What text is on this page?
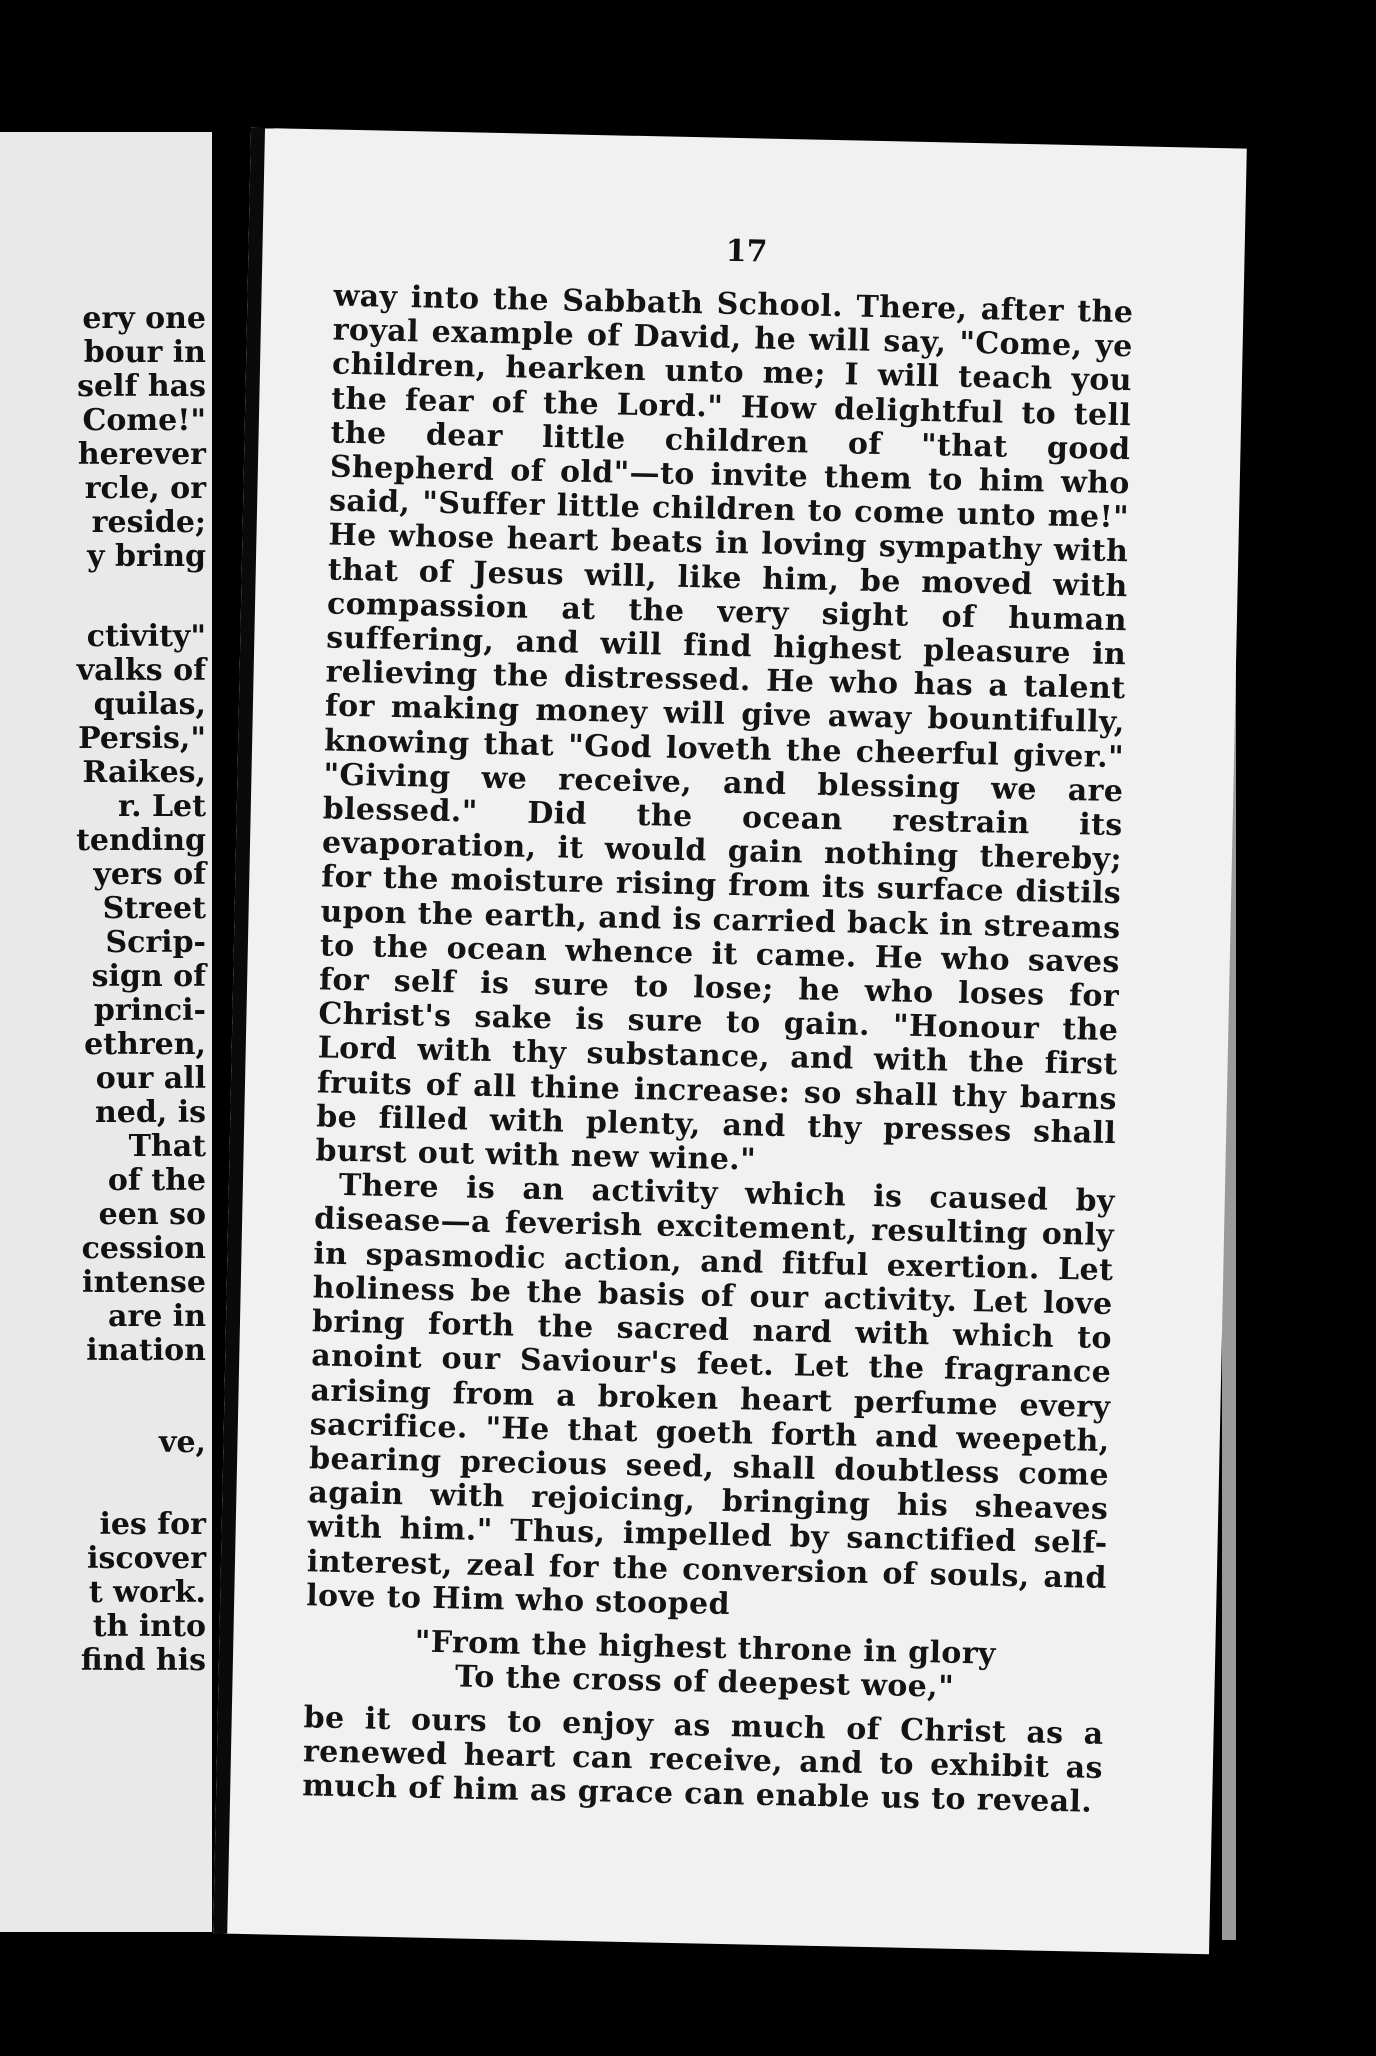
ery one
bour in
self has
Come!"
herever
rcle, or
reside;
y bring
ctivity"
valks of
quilas,
Persis,"
Raikes,
r. Let
tending
yers of
Street
Scrip-
sign of
princi-
ethren,
our all
ned, is
That
of the
een so
cession
intense
are in
ination
ve,
ies for
iscover
t work.
th into
find his
17

way into the Sabbath School. There, after the royal example of David, he will say, "Come, ye children, hearken unto me; I will teach you the fear of the Lord." How delightful to tell the dear little children of "that good Shepherd of old"—to invite them to him who said, "Suffer little children to come unto me!" He whose heart beats in loving sympathy with that of Jesus will, like him, be moved with compassion at the very sight of human suffering, and will find highest pleasure in relieving the distressed. He who has a talent for making money will give away bountifully, knowing that "God loveth the cheerful giver." "Giving we receive, and blessing we are blessed." Did the ocean restrain its evaporation, it would gain nothing thereby; for the moisture rising from its surface distils upon the earth, and is carried back in streams to the ocean whence it came. He who saves for self is sure to lose; he who loses for Christ's sake is sure to gain. "Honour the Lord with thy substance, and with the first fruits of all thine increase: so shall thy barns be filled with plenty, and thy presses shall burst out with new wine."

There is an activity which is caused by disease—a feverish excitement, resulting only in spasmodic action, and fitful exertion. Let holiness be the basis of our activity. Let love bring forth the sacred nard with which to anoint our Saviour's feet. Let the fragrance arising from a broken heart perfume every sacrifice. "He that goeth forth and weepeth, bearing precious seed, shall doubtless come again with rejoicing, bringing his sheaves with him." Thus, impelled by sanctified self-interest, zeal for the conversion of souls, and love to Him who stooped

"From the highest throne in glory
To the cross of deepest woe,"

be it ours to enjoy as much of Christ as a renewed heart can receive, and to exhibit as much of him as grace can enable us to reveal.
